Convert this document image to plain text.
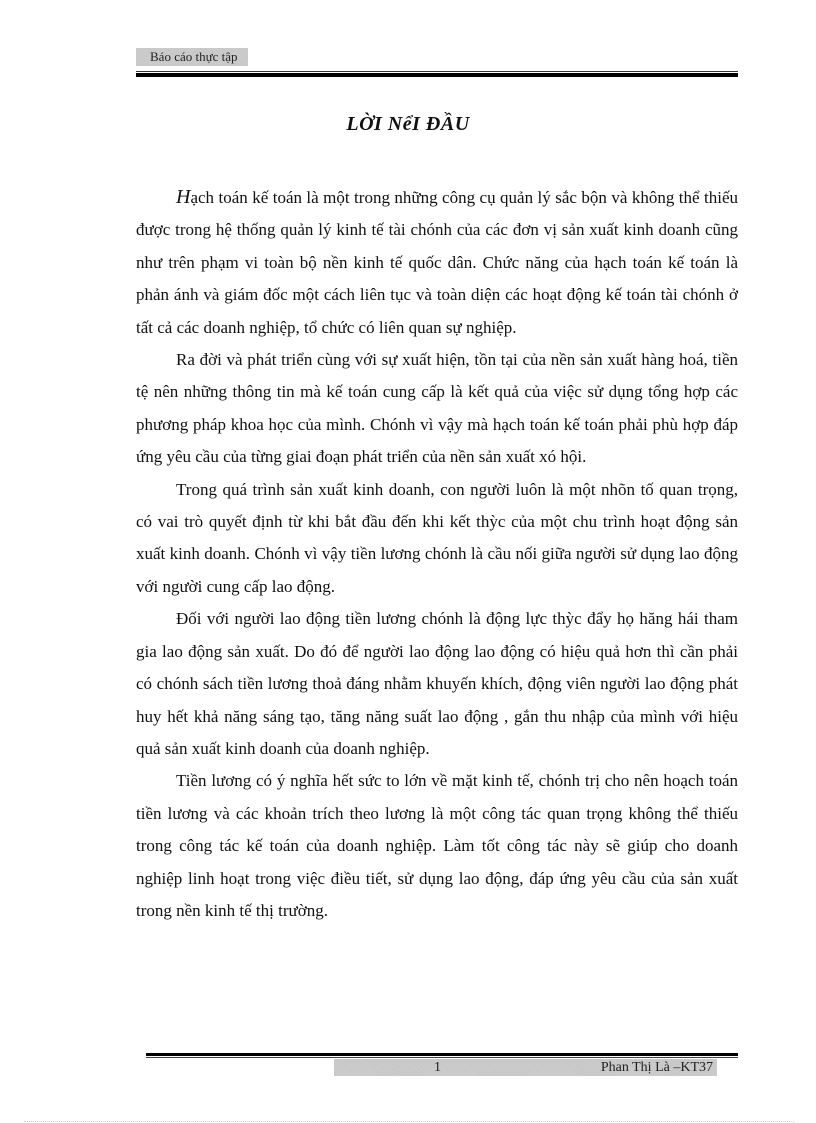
Báo cáo thực tập
LỜI NểI ĐẦU

Hạch toán kế toán là một trong những công cụ quản lý sắc bộn và không thể thiếu được trong hệ thống quản lý kinh tế tài chónh của các đơn vị sản xuất kinh doanh cũng như trên phạm vi toàn bộ nền kinh tế quốc dân. Chức năng của hạch toán kế toán là phản ánh và giám đốc một cách liên tục và toàn diện các hoạt động kế toán tài chónh ở tất cả các doanh nghiệp, tổ chức có liên quan sự nghiệp.

Ra đời và phát triển cùng với sự xuất hiện, tồn tại của nền sản xuất hàng hoá, tiền tệ nên những thông tin mà kế toán cung cấp là kết quả của việc sử dụng tổng hợp các phương pháp khoa học của mình. Chónh vì vậy mà hạch toán kế toán phải phù hợp đáp ứng yêu cầu của từng giai đoạn phát triển của nền sản xuất xó hội.

Trong quá trình sản xuất kinh doanh, con người luôn là một nhõn tố quan trọng, có vai trò quyết định từ khi bắt đầu đến khi kết thỳc của một chu trình hoạt động sản xuất kinh doanh. Chónh vì vậy tiền lương chónh là cầu nối giữa người sử dụng lao động với người cung cấp lao động.

Đối với người lao động tiền lương chónh là động lực thỳc đẩy họ hăng hái tham gia lao động sản xuất. Do đó để người lao động lao động có hiệu quả hơn thì cần phải có chónh sách tiền lương thoả đáng nhằm khuyến khích, động viên người lao động phát huy hết khả năng sáng tạo, tăng năng suất lao động , gắn thu nhập của mình với hiệu quả sản xuất kinh doanh của doanh nghiệp.

Tiền lương có ý nghĩa hết sức to lớn về mặt kinh tế, chónh trị cho nên hoạch toán tiền lương và các khoản trích theo lương là một công tác quan trọng không thể thiếu trong công tác kế toán của doanh nghiệp. Làm tốt công tác này sẽ giúp cho doanh nghiệp linh hoạt trong việc điều tiết, sử dụng lao động, đáp ứng yêu cầu của sản xuất trong nền kinh tế thị trường.

1	Phan Thị Là –KT37
